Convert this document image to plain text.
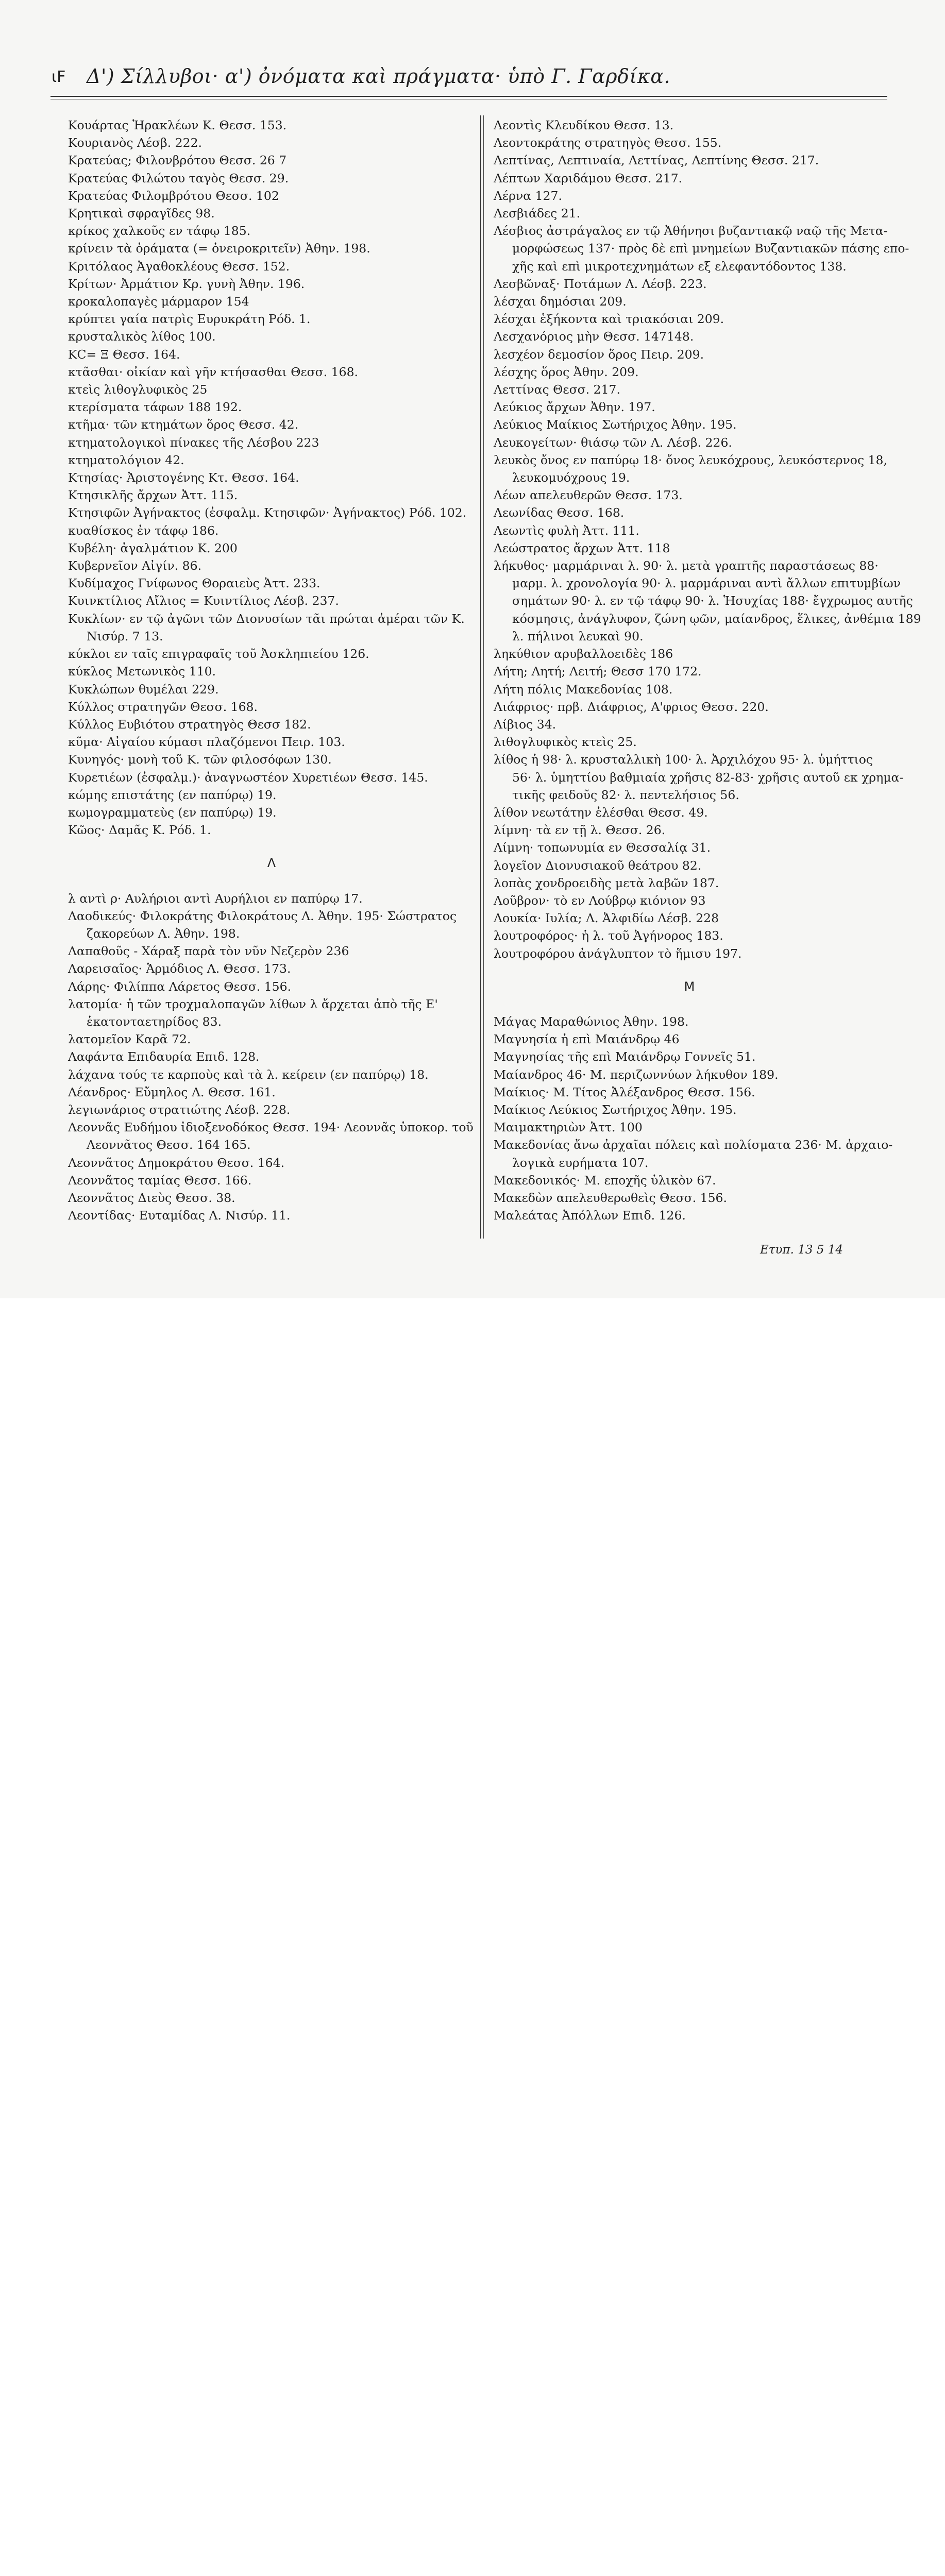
ιF Δ') Σίλλυβοι· α') ὀνόματα καὶ πράγματα· ὑπὸ Γ. Γαρδίκα.
Κουάρτας Ἡρακλέων Κ. Θεσσ. 153.
Κουριανὸς Λέσβ. 222.
Κρατεύας; Φιλονβρότου Θεσσ. 26 7
Κρατεύας Φιλώτου ταγὸς Θεσσ. 29.
Κρατεύας Φιλομβρότου Θεσσ. 102
Κρητικαὶ σφραγῖδες 98.
κρίκος χαλκοῦς εν τάφῳ 185.
κρίνειν τὰ ὁράματα (= ὀνειροκριτεῖν) Ἀθην. 198.
Κριτόλαος Ἀγαθοκλέους Θεσσ. 152.
Κρίτων· Ἀρμάτιον Κρ. γυνὴ Ἀθην. 196.
κροκαλοπαγὲς μάρμαρον 154
κρύπτει γαία πατρὶς Ευρυκράτη Ρόδ. 1.
κρυσταλικὸς λίθος 100.
ΚC= Ξ Θεσσ. 164.
κτᾶσθαι· οἰκίαν καὶ γῆν κτήσασθαι Θεσσ. 168.
κτεὶς λιθογλυφικὸς 25
κτερίσματα τάφων 188 192.
κτῆμα· τῶν κτημάτων ὅρος Θεσσ. 42.
κτηματολογικοὶ πίνακες τῆς Λέσβου 223
κτηματολόγιον 42.
Κτησίας· Ἀριστογένης Κτ. Θεσσ. 164.
Κτησικλῆς ἄρχων Ἀττ. 115.
Κτησιφῶν Ἀγήνακτος (ἐσφαλμ. Κτησιφῶν· Ἀγήνακτος) Ρόδ. 102.
κυαθίσκος ἐν τάφῳ 186.
Κυβέλη· ἀγαλμάτιον Κ. 200
Κυβερνεῖον Αἰγίν. 86.
Κυδίμαχος Γνίφωνος Θοραιεὺς Ἀττ. 233.
Κυινκτίλιος Αἴλιος = Κυιντίλιος Λέσβ. 237.
Κυκλίων· εν τῷ ἀγῶνι τῶν Διονυσίων τᾶι πρώται ἀμέραι τῶν Κ.
Νισύρ. 7 13.
κύκλοι εν ταῖς επιγραφαῖς τοῦ Ἀσκληπιείου 126.
κύκλος Μετωνικὸς 110.
Κυκλώπων θυμέλαι 229.
Κύλλος στρατηγῶν Θεσσ. 168.
Κύλλος Ευβιότου στρατηγὸς Θεσσ 182.
κῦμα· Αἰγαίου κύμασι πλαζόμενοι Πειρ. 103.
Κυνηγός· μονὴ τοῦ Κ. τῶν φιλοσόφων 130.
Κυρετιέων (ἐσφαλμ.)· ἀναγνωστέον Χυρετιέων Θεσσ. 145.
κώμης επιστάτης (εν παπύρῳ) 19.
κωμογραμματεὺς (εν παπύρῳ) 19.
Κῶος· Δαμᾶς Κ. Ρόδ. 1.
Λ
λ αντὶ ρ· Αυλήριοι αντὶ Αυρήλιοι εν παπύρῳ 17.
Λαοδικεύς· Φιλοκράτης Φιλοκράτους Λ. Ἀθην. 195· Σώστρατος
ζακορεύων Λ. Ἀθην. 198.
Λαπαθοῦς - Χάραξ παρὰ τὸν νῦν Νεζερὸν 236
Λαρεισαῖος· Ἁρμόδιος Λ. Θεσσ. 173.
Λάρης· Φιλίππα Λάρετος Θεσσ. 156.
λατομία· ἡ τῶν τροχμαλοπαγῶν λίθων λ ἄρχεται ἀπὸ τῆς Ε'
ἑκατονταετηρίδος 83.
λατομεῖον Καρᾶ 72.
Λαφάντα Επιδαυρία Επιδ. 128.
λάχανα τούς τε καρποὺς καὶ τὰ λ. κείρειν (εν παπύρῳ) 18.
Λέανδρος· Εὔμηλος Λ. Θεσσ. 161.
λεγιωνάριος στρατιώτης Λέσβ. 228.
Λεοννᾶς Ευδήμου ἰδιοξενοδόκος Θεσσ. 194· Λεοννᾶς ὑποκορ. τοῦ
Λεοννᾶτος Θεσσ. 164 165.
Λεοννᾶτος Δημοκράτου Θεσσ. 164.
Λεοννᾶτος ταμίας Θεσσ. 166.
Λεοννᾶτος Διεὺς Θεσσ. 38.
Λεοντίδας· Ευταμίδας Λ. Νισύρ. 11.
Λεοντὶς Κλευδίκου Θεσσ. 13.
Λεοντοκράτης στρατηγὸς Θεσσ. 155.
Λεπτίνας, Λεπτιναία, Λεττίνας, Λεπτίνης Θεσσ. 217.
Λέπτων Χαριδάμου Θεσσ. 217.
Λέρνα 127.
Λεσβιάδες 21.
Λέσβιος ἀστράγαλος εν τῷ Ἀθήνησι βυζαντιακῷ ναῷ τῆς Μετα-
μορφώσεως 137· πρὸς δὲ επὶ μνημείων Βυζαντιακῶν πάσης επο-
χῆς καὶ επὶ μικροτεχνημάτων εξ ελεφαντόδοντος 138.
Λεσβῶναξ· Ποτάμων Λ. Λέσβ. 223.
λέσχαι δημόσιαι 209.
λέσχαι ἑξήκοντα καὶ τριακόσιαι 209.
Λεσχανόριος μὴν Θεσσ. 147148.
λεσχέον δεμοσίον ὅρος Πειρ. 209.
λέσχης ὅρος Ἀθην. 209.
Λεττίνας Θεσσ. 217.
Λεύκιος ἄρχων Ἀθην. 197.
Λεύκιος Μαίκιος Σωτήριχος Ἀθην. 195.
Λευκογείτων· θιάσῳ τῶν Λ. Λέσβ. 226.
λευκὸς ὄνος εν παπύρῳ 18· ὄνος λευκόχρους, λευκόστερνος 18,
λευκομυόχρους 19.
Λέων απελευθερῶν Θεσσ. 173.
Λεωνίδας Θεσσ. 168.
Λεωντὶς φυλὴ Ἀττ. 111.
Λεώστρατος ἄρχων Ἀττ. 118
λήκυθος· μαρμάριναι λ. 90· λ. μετὰ γραπτῆς παραστάσεως 88·
μαρμ. λ. χρονολογία 90· λ. μαρμάριναι αντὶ ἄλλων επιτυμβίων
σημάτων 90· λ. εν τῷ τάφῳ 90· λ. Ἡσυχίας 188· ἔγχρωμος αυτῆς
κόσμησις, ἀνάγλυφον, ζώνη ῳῶν, μαίανδρος, ἕλικες, ἀνθέμια 189
λ. πήλινοι λευκαὶ 90.
ληκύθιον αρυβαλλοειδὲς 186
Λήτη; Λητή; Λειτή; Θεσσ 170 172.
Λήτη πόλις Μακεδονίας 108.
Λιάφριος· πρβ. Διάφριος, Α'φριος Θεσσ. 220.
Λίβιος 34.
λιθογλυφικὸς κτεὶς 25.
λίθος ἡ 98· λ. κρυσταλλικὴ 100· λ. Ἀρχιλόχου 95· λ. ὑμήττιος
56· λ. ὑμηττίου βαθμιαία χρῆσις 82-83· χρῆσις αυτοῦ εκ χρημα-
τικῆς φειδοῦς 82· λ. πεντελήσιος 56.
λίθον νεωτάτην ἑλέσθαι Θεσσ. 49.
λίμνη· τὰ εν τῇ λ. Θεσσ. 26.
Λίμνη· τοπωνυμία εν Θεσσαλίᾳ 31.
λογεῖον Διονυσιακοῦ θεάτρου 82.
λοπὰς χονδροειδὴς μετὰ λαβῶν 187.
Λοῦβρον· τὸ εν Λούβρῳ κιόνιον 93
Λουκία· Ιυλία; Λ. Ἀλφιδίω Λέσβ. 228
λουτροφόρος· ἡ λ. τοῦ Ἀγήνορος 183.
λουτροφόρου ἀνάγλυπτον τὸ ἥμισυ 197.
Μ
Μάγας Μαραθώνιος Ἀθην. 198.
Μαγνησία ἡ επὶ Μαιάνδρῳ 46
Μαγνησίας τῆς επὶ Μαιάνδρῳ Γοννεῖς 51.
Μαίανδρος 46· Μ. περιζωννύων λήκυθον 189.
Μαίκιος· Μ. Τίτος Ἀλέξανδρος Θεσσ. 156.
Μαίκιος Λεύκιος Σωτήριχος Ἀθην. 195.
Μαιμακτηριὼν Ἀττ. 100
Μακεδονίας ἄνω ἀρχαῖαι πόλεις καὶ πολίσματα 236· Μ. ἀρχαιο-
λογικὰ ευρήματα 107.
Μακεδονικός· Μ. εποχῆς ὑλικὸν 67.
Μακεδὼν απελευθερωθεὶς Θεσσ. 156.
Μαλεάτας Ἀπόλλων Επιδ. 126.
Ετυπ. 13 5 14
